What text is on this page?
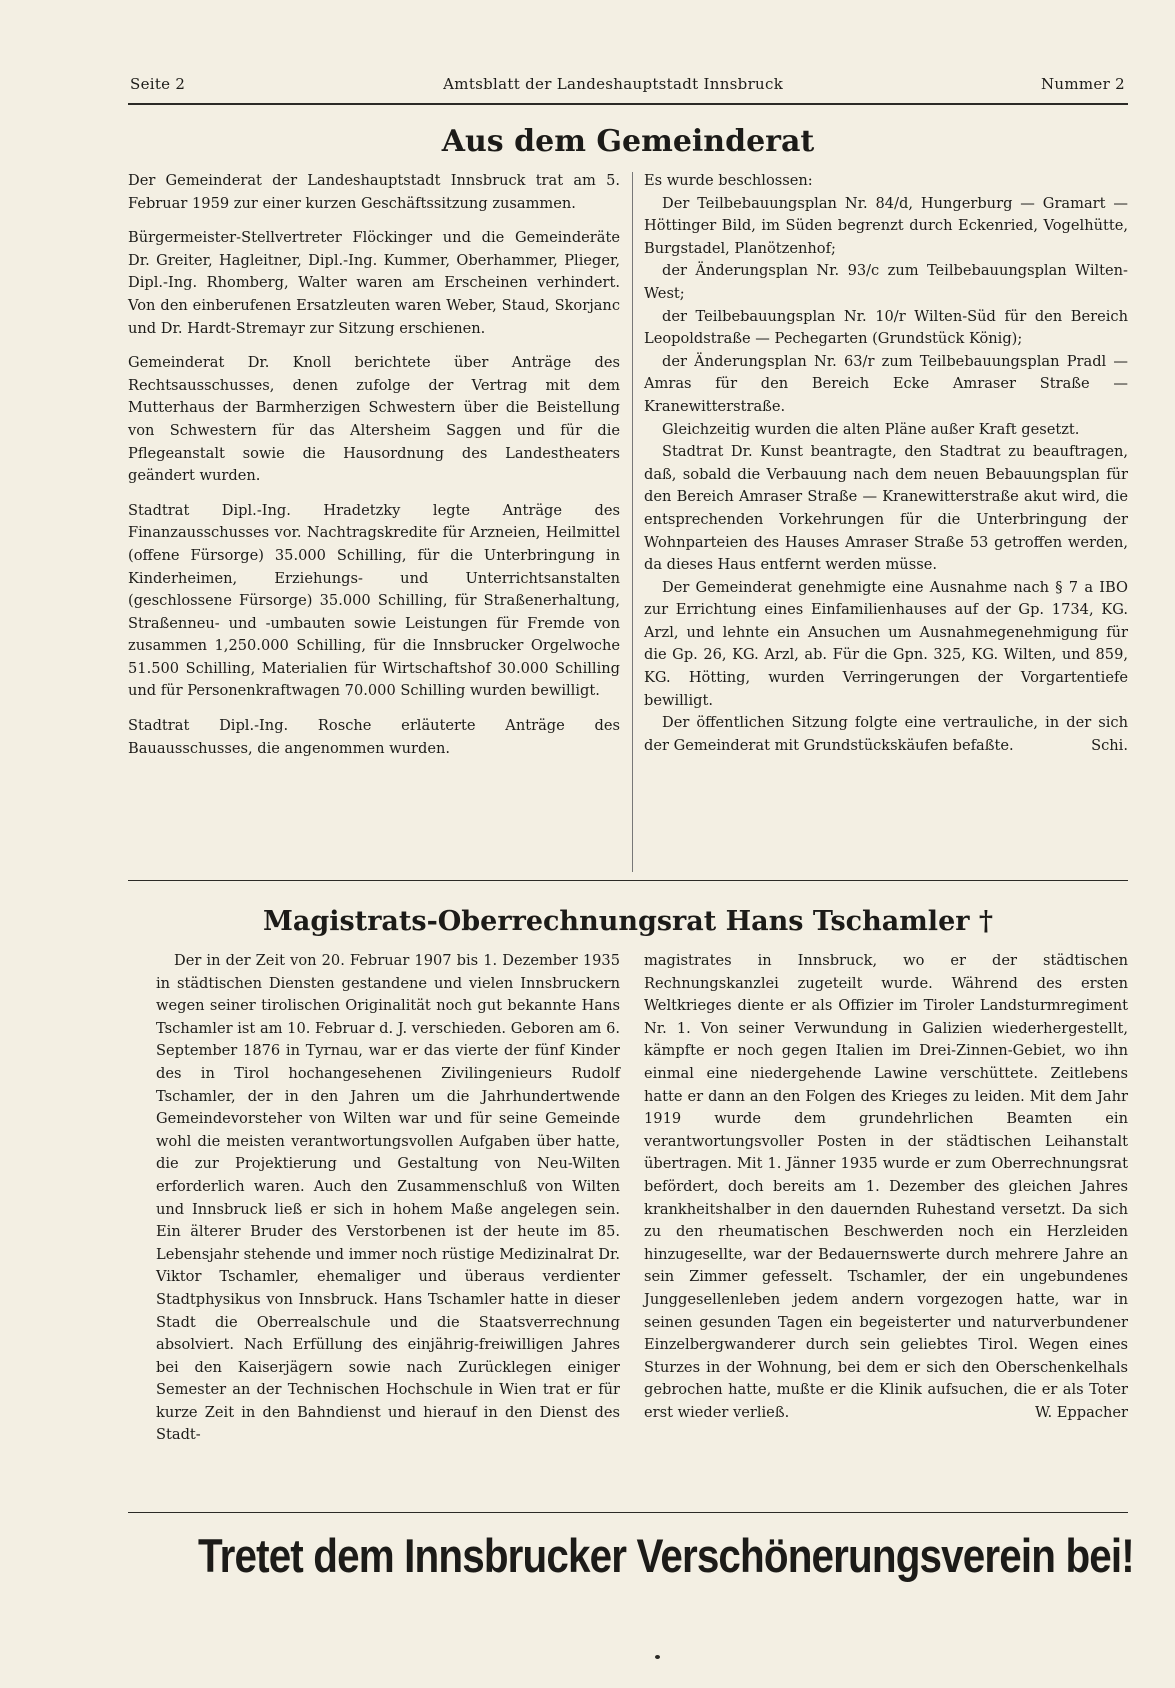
Seite 2	Amtsblatt der Landeshauptstadt Innsbruck	Nummer 2
Aus dem Gemeinderat

Der Gemeinderat der Landeshauptstadt Innsbruck trat am 5. Februar 1959 zur einer kurzen Geschäftssitzung zusammen.

Bürgermeister-Stellvertreter Flöckinger und die Gemeinderäte Dr. Greiter, Hagleitner, Dipl.-Ing. Kummer, Oberhammer, Plieger, Dipl.-Ing. Rhomberg, Walter waren am Erscheinen verhindert. Von den einberufenen Ersatzleuten waren Weber, Staud, Skorjanc und Dr. Hardt-Stremayr zur Sitzung erschienen.

Gemeinderat Dr. Knoll berichtete über Anträge des Rechtsausschusses, denen zufolge der Vertrag mit dem Mutterhaus der Barmherzigen Schwestern über die Beistellung von Schwestern für das Altersheim Saggen und für die Pflegeanstalt sowie die Hausordnung des Landestheaters geändert wurden.

Stadtrat Dipl.-Ing. Hradetzky legte Anträge des Finanzausschusses vor. Nachtragskredite für Arzneien, Heilmittel (offene Fürsorge) 35.000 Schilling, für die Unterbringung in Kinderheimen, Erziehungs- und Unterrichtsanstalten (geschlossene Fürsorge) 35.000 Schilling, für Straßenerhaltung, Straßenneu- und -umbauten sowie Leistungen für Fremde von zusammen 1,250.000 Schilling, für die Innsbrucker Orgelwoche 51.500 Schilling, Materialien für Wirtschaftshof 30.000 Schilling und für Personenkraftwagen 70.000 Schilling wurden bewilligt.

Stadtrat Dipl.-Ing. Rosche erläuterte Anträge des Bauausschusses, die angenommen wurden.

Es wurde beschlossen:

Der Teilbebauungsplan Nr. 84/d, Hungerburg — Gramart — Höttinger Bild, im Süden begrenzt durch Eckenried, Vogelhütte, Burgstadel, Planötzenhof;

der Änderungsplan Nr. 93/c zum Teilbebauungsplan Wilten-West;

der Teilbebauungsplan Nr. 10/r Wilten-Süd für den Bereich Leopoldstraße — Pechegarten (Grundstück König);

der Änderungsplan Nr. 63/r zum Teilbebauungsplan Pradl — Amras für den Bereich Ecke Amraser Straße — Kranewitterstraße.

Gleichzeitig wurden die alten Pläne außer Kraft gesetzt.

Stadtrat Dr. Kunst beantragte, den Stadtrat zu beauftragen, daß, sobald die Verbauung nach dem neuen Bebauungsplan für den Bereich Amraser Straße — Kranewitterstraße akut wird, die entsprechenden Vorkehrungen für die Unterbringung der Wohnparteien des Hauses Amraser Straße 53 getroffen werden, da dieses Haus entfernt werden müsse.

Der Gemeinderat genehmigte eine Ausnahme nach § 7 a IBO zur Errichtung eines Einfamilienhauses auf der Gp. 1734, KG. Arzl, und lehnte ein Ansuchen um Ausnahmegenehmigung für die Gp. 26, KG. Arzl, ab. Für die Gpn. 325, KG. Wilten, und 859, KG. Hötting, wurden Verringerungen der Vorgartentiefe bewilligt.

Der öffentlichen Sitzung folgte eine vertrauliche, in der sich der Gemeinderat mit Grundstückskäufen befaßte.	Schi.

Magistrats-Oberrechnungsrat Hans Tschamler †

Der in der Zeit von 20. Februar 1907 bis 1. Dezember 1935 in städtischen Diensten gestandene und vielen Innsbruckern wegen seiner tirolischen Originalität noch gut bekannte Hans Tschamler ist am 10. Februar d. J. verschieden. Geboren am 6. September 1876 in Tyrnau, war er das vierte der fünf Kinder des in Tirol hochangesehenen Zivilingenieurs Rudolf Tschamler, der in den Jahren um die Jahrhundertwende Gemeindevorsteher von Wilten war und für seine Gemeinde wohl die meisten verantwortungsvollen Aufgaben über hatte, die zur Projektierung und Gestaltung von Neu-Wilten erforderlich waren. Auch den Zusammenschluß von Wilten und Innsbruck ließ er sich in hohem Maße angelegen sein. Ein älterer Bruder des Verstorbenen ist der heute im 85. Lebensjahr stehende und immer noch rüstige Medizinalrat Dr. Viktor Tschamler, ehemaliger und überaus verdienter Stadtphysikus von Innsbruck. Hans Tschamler hatte in dieser Stadt die Oberrealschule und die Staatsverrechnung absolviert. Nach Erfüllung des einjährig-freiwilligen Jahres bei den Kaiserjägern sowie nach Zurücklegen einiger Semester an der Technischen Hochschule in Wien trat er für kurze Zeit in den Bahndienst und hierauf in den Dienst des Stadt-

magistrates in Innsbruck, wo er der städtischen Rechnungskanzlei zugeteilt wurde. Während des ersten Weltkrieges diente er als Offizier im Tiroler Landsturmregiment Nr. 1. Von seiner Verwundung in Galizien wiederhergestellt, kämpfte er noch gegen Italien im Drei-Zinnen-Gebiet, wo ihn einmal eine niedergehende Lawine verschüttete. Zeitlebens hatte er dann an den Folgen des Krieges zu leiden. Mit dem Jahr 1919 wurde dem grundehrlichen Beamten ein verantwortungsvoller Posten in der städtischen Leihanstalt übertragen. Mit 1. Jänner 1935 wurde er zum Oberrechnungsrat befördert, doch bereits am 1. Dezember des gleichen Jahres krankheitshalber in den dauernden Ruhestand versetzt. Da sich zu den rheumatischen Beschwerden noch ein Herzleiden hinzugesellte, war der Bedauernswerte durch mehrere Jahre an sein Zimmer gefesselt. Tschamler, der ein ungebundenes Junggesellenleben jedem andern vorgezogen hatte, war in seinen gesunden Tagen ein begeisterter und naturverbundener Einzelbergwanderer durch sein geliebtes Tirol. Wegen eines Sturzes in der Wohnung, bei dem er sich den Oberschenkelhals gebrochen hatte, mußte er die Klinik aufsuchen, die er als Toter erst wieder verließ.	W. Eppacher

Tretet dem Innsbrucker Verschönerungsverein bei!
